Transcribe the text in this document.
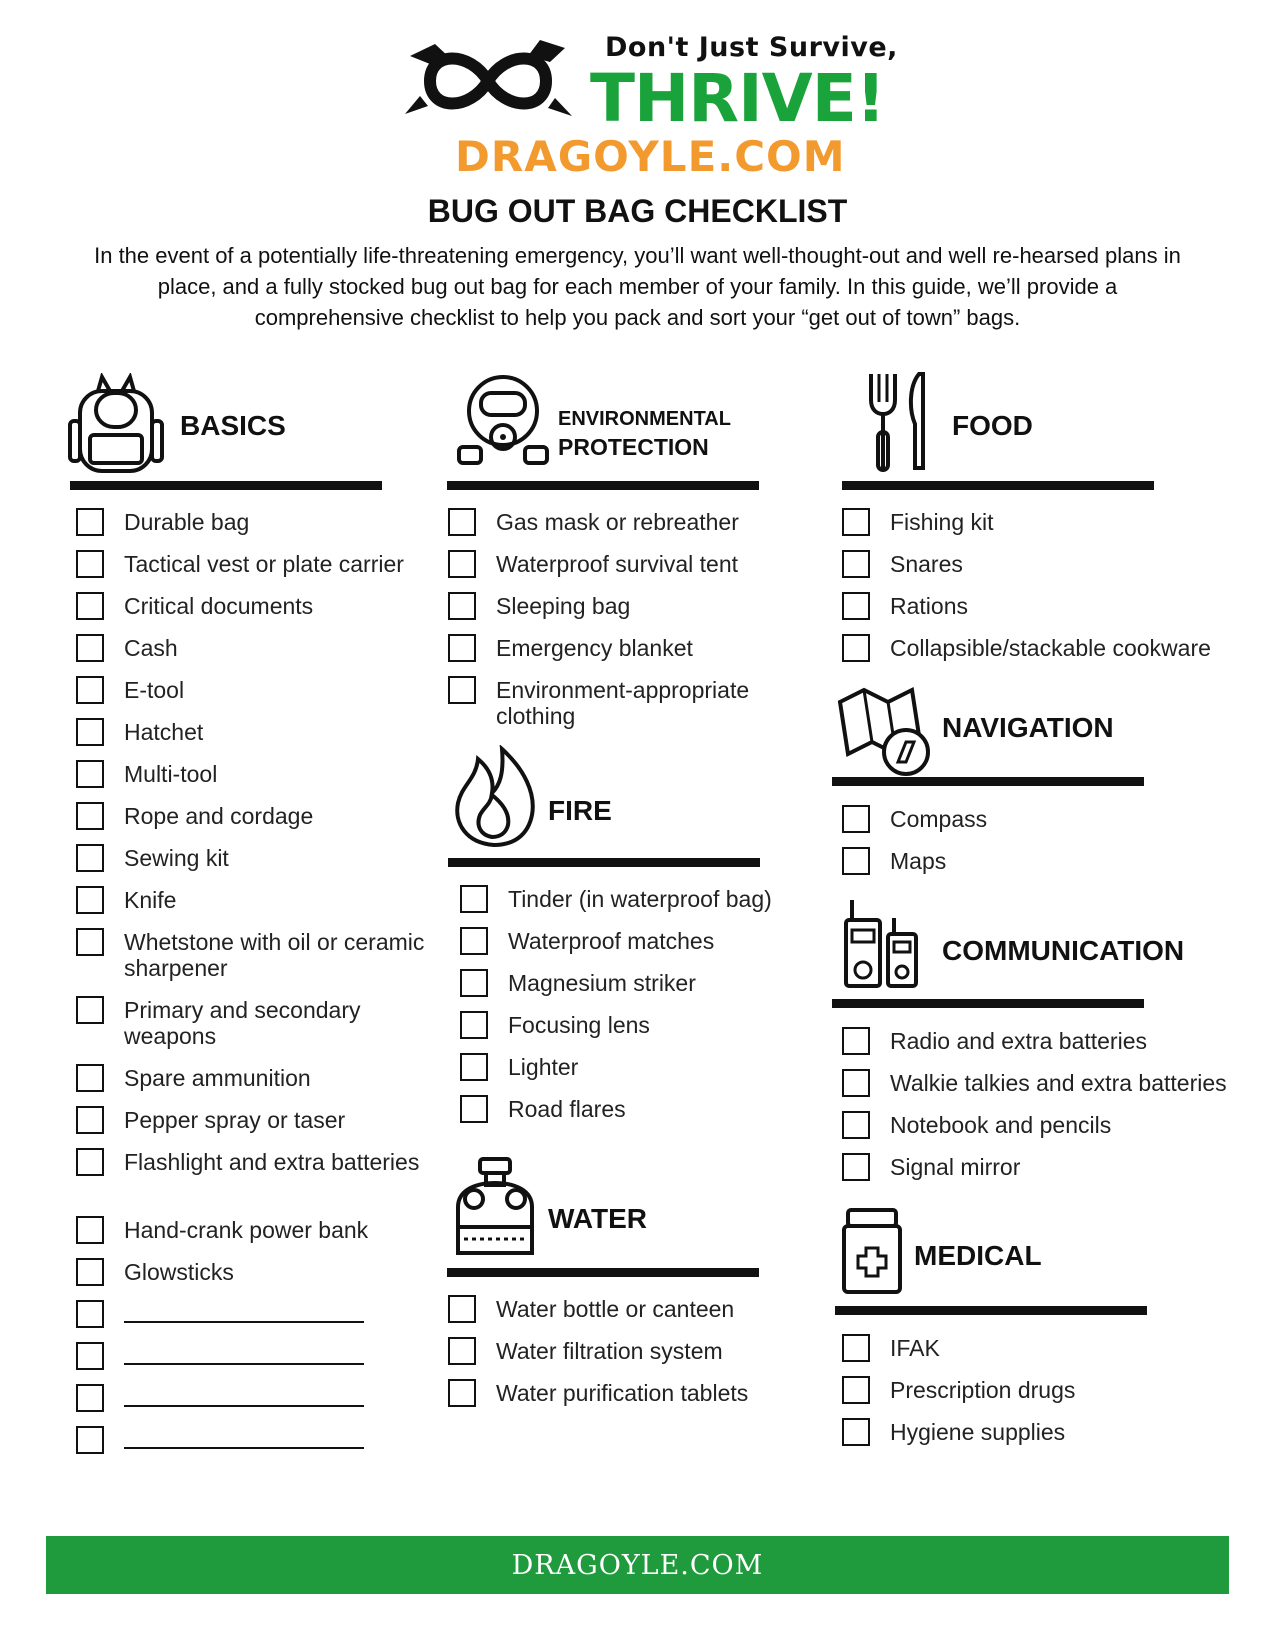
Don't Just Survive,
THRIVE!
DRAGOYLE.COM
BUG OUT BAG CHECKLIST
In the event of a potentially life-threatening emergency, you’ll want well-thought-out and well re-hearsed plans in place, and a fully stocked bug out bag for each member of your family. In this guide, we’ll provide a comprehensive checklist to help you pack and sort your “get out of town” bags.
BASICS
Durable bag
Tactical vest or plate carrier
Critical documents
Cash
E-tool
Hatchet
Multi-tool
Rope and cordage
Sewing kit
Knife
Whetstone with oil or ceramic sharpener
Primary and secondary weapons
Spare ammunition
Pepper spray or taser
Flashlight and extra batteries
Hand-crank power bank
Glowsticks
ENVIRONMENTAL
PROTECTION
Gas mask or rebreather
Waterproof survival tent
Sleeping bag
Emergency blanket
Environment-appropriate clothing
FIRE
Tinder (in waterproof bag)
Waterproof matches
Magnesium striker
Focusing lens
Lighter
Road flares
WATER
Water bottle or canteen
Water filtration system
Water purification tablets
FOOD
Fishing kit
Snares
Rations
Collapsible/stackable cookware
NAVIGATION
Compass
Maps
COMMUNICATION
Radio and extra batteries
Walkie talkies and extra batteries
Notebook and pencils
Signal mirror
MEDICAL
IFAK
Prescription drugs
Hygiene supplies
DRAGOYLE.COM
